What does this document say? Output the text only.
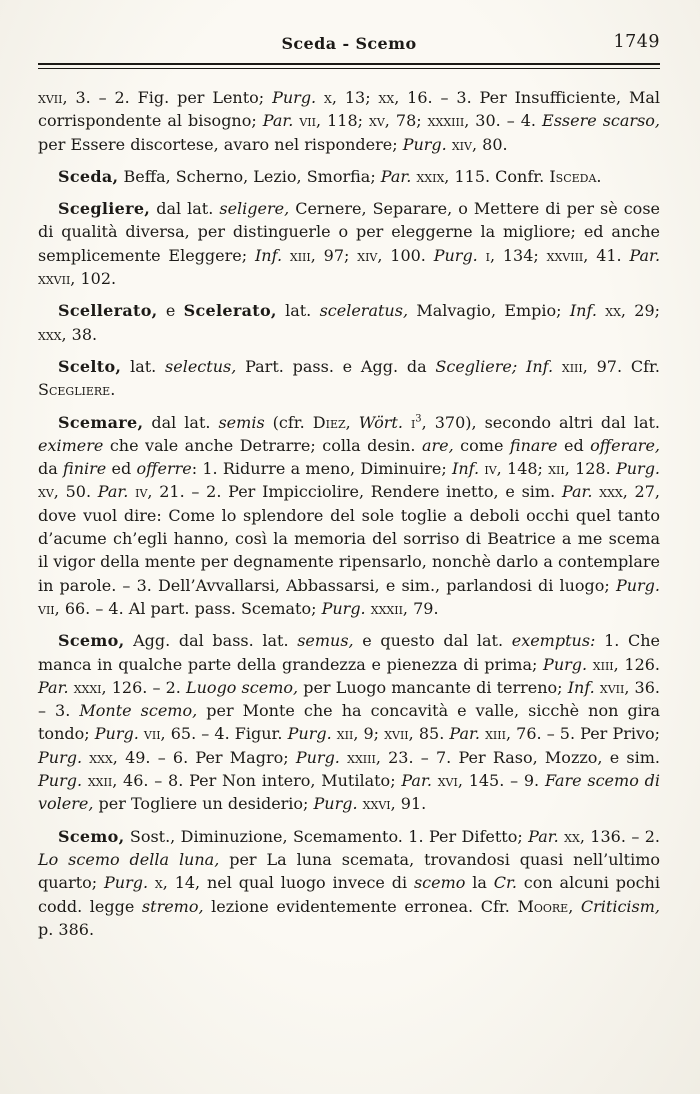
Sceda - Scemo	1749

xvii, 3. – 2. Fig. per Lento; Purg. x, 13; xx, 16. – 3. Per Insufficiente, Mal corrispondente al bisogno; Par. vii, 118; xv, 78; xxxiii, 30. – 4. Essere scarso, per Essere discortese, avaro nel rispondere; Purg. xiv, 80.

Sceda, Beffa, Scherno, Lezio, Smorfia; Par. xxix, 115. Confr. Isceda.

Scegliere, dal lat. seligere, Cernere, Separare, o Mettere di per sè cose di qualità diversa, per distinguerle o per eleggerne la migliore; ed anche semplicemente Eleggere; Inf. xiii, 97; xiv, 100. Purg. i, 134; xxviii, 41. Par. xxvii, 102.

Scellerato, e Scelerato, lat. sceleratus, Malvagio, Empio; Inf. xx, 29; xxx, 38.

Scelto, lat. selectus, Part. pass. e Agg. da Scegliere; Inf. xiii, 97. Cfr. Scegliere.

Scemare, dal lat. semis (cfr. Diez, Wört. $i^3$, 370), secondo altri dal lat. eximere che vale anche Detrarre; colla desin. are, come finare ed offerare, da finire ed offerre: 1. Ridurre a meno, Diminuire; Inf. iv, 148; xii, 128. Purg. xv, 50. Par. iv, 21. – 2. Per Impicciolire, Rendere inetto, e sim. Par. xxx, 27, dove vuol dire: Come lo splendore del sole toglie a deboli occhi quel tanto d’acume ch’egli hanno, così la memoria del sorriso di Beatrice a me scema il vigor della mente per degnamente ripensarlo, nonchè darlo a contemplare in parole. – 3. Dell’Avvallarsi, Abbassarsi, e sim., parlandosi di luogo; Purg. vii, 66. – 4. Al part. pass. Scemato; Purg. xxxii, 79.

Scemo, Agg. dal bass. lat. semus, e questo dal lat. exemptus: 1. Che manca in qualche parte della grandezza e pienezza di prima; Purg. xiii, 126. Par. xxxi, 126. – 2. Luogo scemo, per Luogo mancante di terreno; Inf. xvii, 36. – 3. Monte scemo, per Monte che ha concavità e valle, sicchè non gira tondo; Purg. vii, 65. – 4. Figur. Purg. xii, 9; xvii, 85. Par. xiii, 76. – 5. Per Privo; Purg. xxx, 49. – 6. Per Magro; Purg. xxiii, 23. – 7. Per Raso, Mozzo, e sim. Purg. xxii, 46. – 8. Per Non intero, Mutilato; Par. xvi, 145. – 9. Fare scemo di volere, per Togliere un desiderio; Purg. xxvi, 91.

Scemo, Sost., Diminuzione, Scemamento. 1. Per Difetto; Par. xx, 136. – 2. Lo scemo della luna, per La luna scemata, trovandosi quasi nell’ultimo quarto; Purg. x, 14, nel qual luogo invece di scemo la Cr. con alcuni pochi codd. legge stremo, lezione evidentemente erronea. Cfr. Moore, Criticism, p. 386.
